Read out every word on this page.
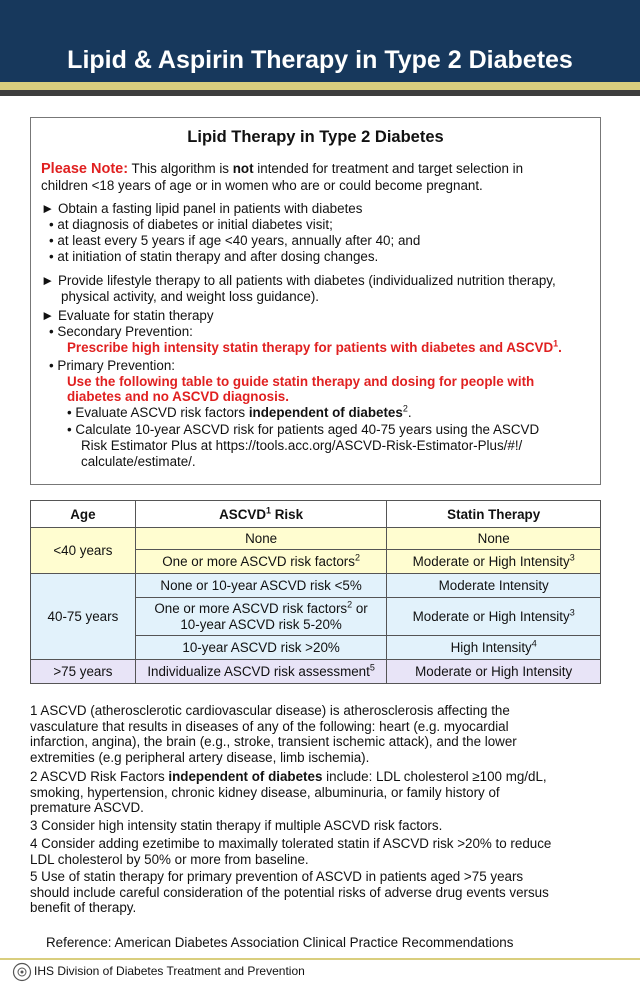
Lipid & Aspirin Therapy in Type 2 Diabetes
Lipid Therapy in Type 2 Diabetes
Please Note: This algorithm is not intended for treatment and target selection in
children <18 years of age or in women who are or could become pregnant.
► Obtain a fasting lipid panel in patients with diabetes
• at diagnosis of diabetes or initial diabetes visit;
• at least every 5 years if age <40 years, annually after 40; and
• at initiation of statin therapy and after dosing changes.
► Provide lifestyle therapy to all patients with diabetes (individualized nutrition therapy,
physical activity, and weight loss guidance).
► Evaluate for statin therapy
• Secondary Prevention:
Prescribe high intensity statin therapy for patients with diabetes and ASCVD$^1$.
• Primary Prevention:
Use the following table to guide statin therapy and dosing for people with
diabetes and no ASCVD diagnosis.
• Evaluate ASCVD risk factors independent of diabetes$^2$.
• Calculate 10-year ASCVD risk for patients aged 40-75 years using the ASCVD
Risk Estimator Plus at https://tools.acc.org/ASCVD-Risk-Estimator-Plus/#!/
calculate/estimate/.
Age	ASCVD$^1$ Risk	Statin Therapy
<40 years	None	None
	One or more ASCVD risk factors$^2$	Moderate or High Intensity$^3$
40-75 years	None or 10-year ASCVD risk <5%	Moderate Intensity
	One or more ASCVD risk factors$^2$ or
10-year ASCVD risk 5-20%	Moderate or High Intensity$^3$
	10-year ASCVD risk >20%	High Intensity$^4$
>75 years	Individualize ASCVD risk assessment$^5$	Moderate or High Intensity
1 ASCVD (atherosclerotic cardiovascular disease) is atherosclerosis affecting the
vasculature that results in diseases of any of the following: heart (e.g. myocardial
infarction, angina), the brain (e.g., stroke, transient ischemic attack), and the lower
extremities (e.g peripheral artery disease, limb ischemia).
2 ASCVD Risk Factors independent of diabetes include: LDL cholesterol ≥100 mg/dL,
smoking, hypertension, chronic kidney disease, albuminuria, or family history of
premature ASCVD.
3 Consider high intensity statin therapy if multiple ASCVD risk factors.
4 Consider adding ezetimibe to maximally tolerated statin if ASCVD risk >20% to reduce
LDL cholesterol by 50% or more from baseline.
5 Use of statin therapy for primary prevention of ASCVD in patients aged >75 years
should include careful consideration of the potential risks of adverse drug events versus
benefit of therapy.
Reference: American Diabetes Association Clinical Practice Recommendations
IHS Division of Diabetes Treatment and Prevention
